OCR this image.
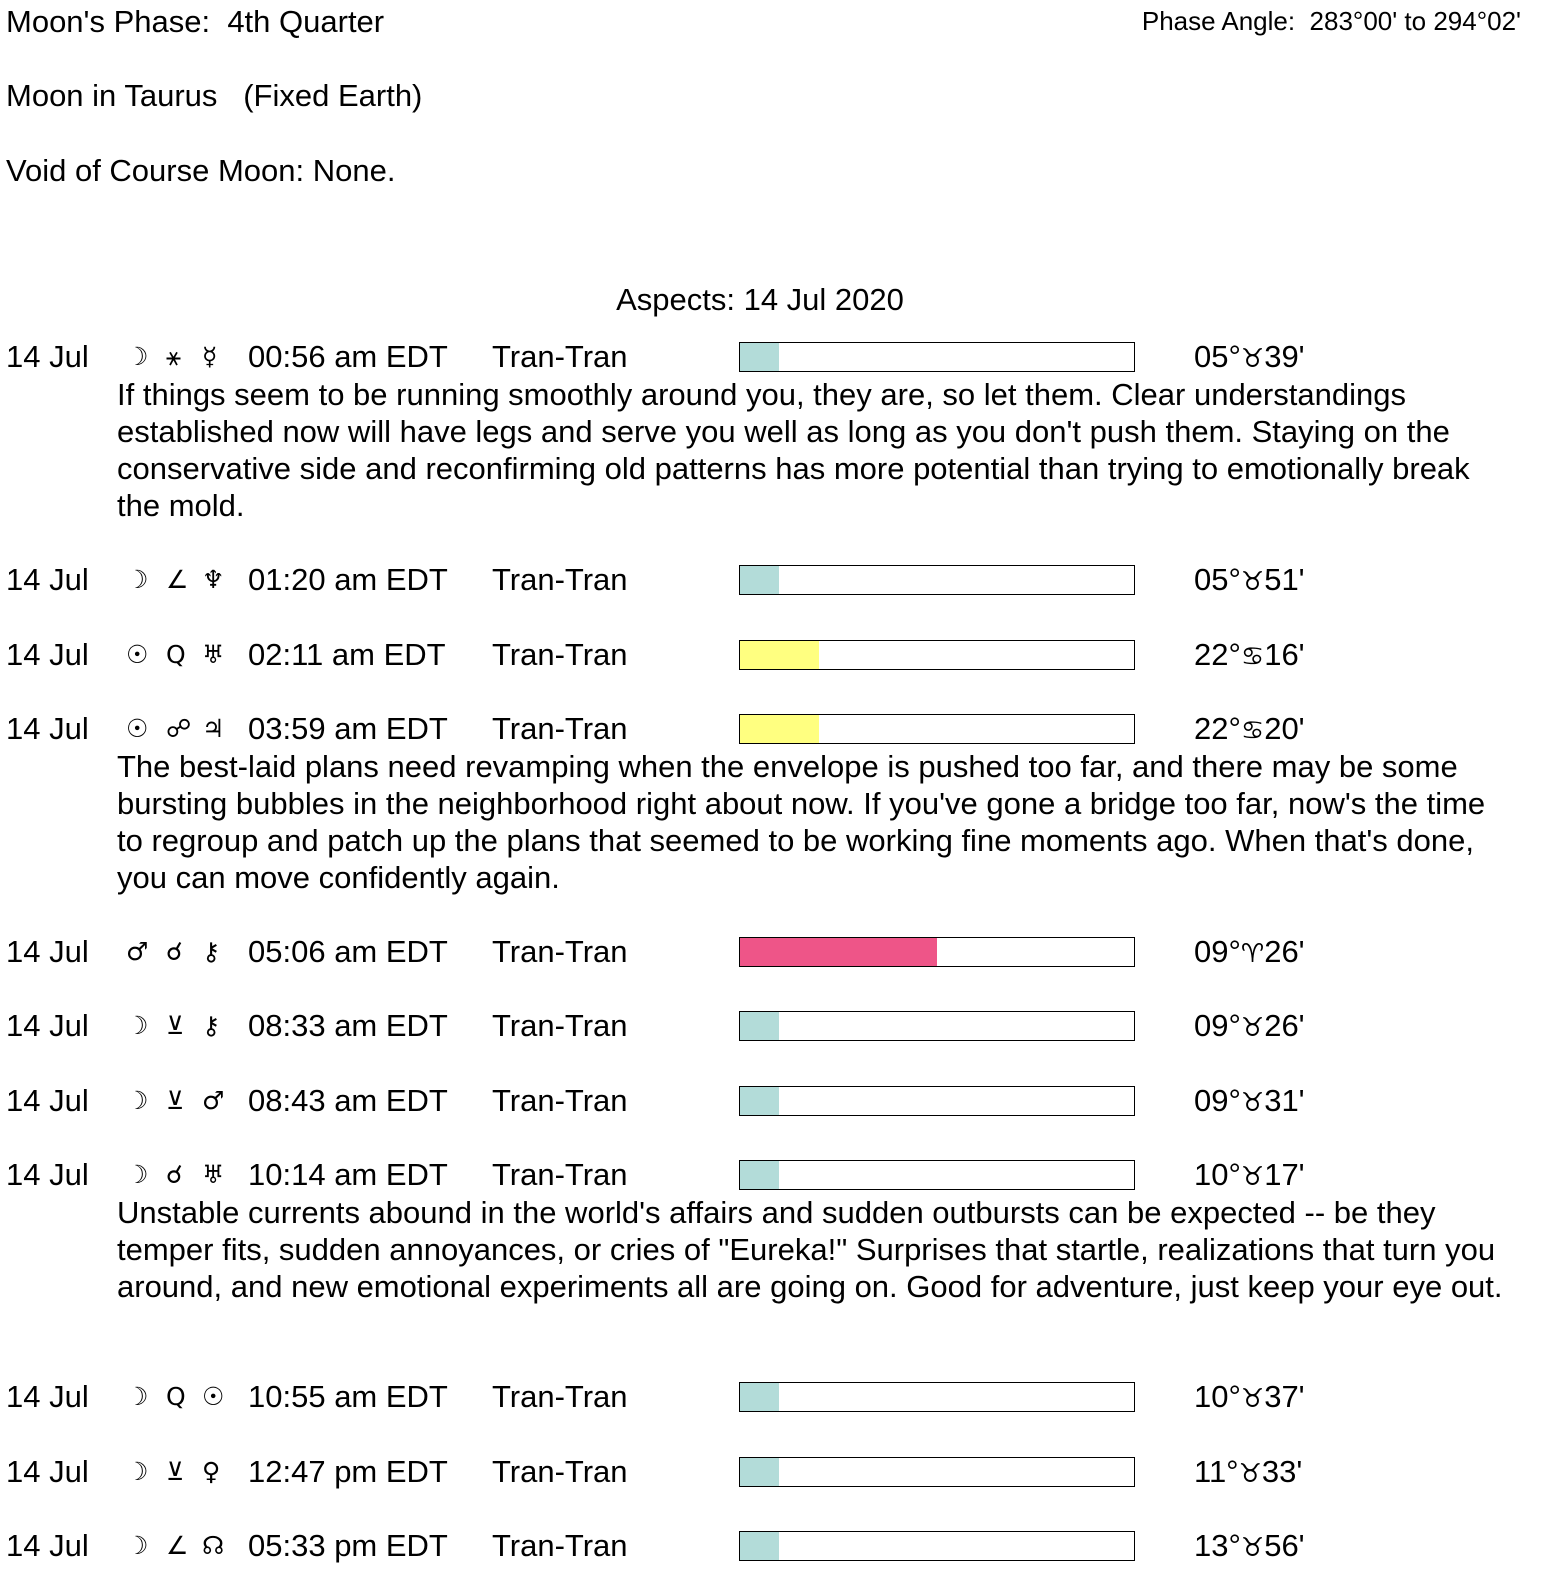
Moon's Phase:  4th Quarter	Phase Angle:  283°00' to 294°02'
Moon in Taurus   (Fixed Earth)
Void of Course Moon: None.
Aspects: 14 Jul 2020
14 Jul ☽ ⚹ ☿ 00:56 am EDT Tran-Tran	05°♉39'
If things seem to be running smoothly around you, they are, so let them. Clear understandings established now will have legs and serve you well as long as you don't push them. Staying on the conservative side and reconfirming old patterns has more potential than trying to emotionally break the mold.
14 Jul ☽ ∠ ♆ 01:20 am EDT Tran-Tran	05°♉51'
14 Jul ☉ Q ♅ 02:11 am EDT Tran-Tran	22°♋16'
14 Jul ☉ ☍ ♃ 03:59 am EDT Tran-Tran	22°♋20'
The best-laid plans need revamping when the envelope is pushed too far, and there may be some bursting bubbles in the neighborhood right about now. If you've gone a bridge too far, now's the time to regroup and patch up the plans that seemed to be working fine moments ago. When that's done, you can move confidently again.
14 Jul ♂ ☌ ⚷ 05:06 am EDT Tran-Tran	09°♈26'
14 Jul ☽ ⊻ ⚷ 08:33 am EDT Tran-Tran	09°♉26'
14 Jul ☽ ⊻ ♂ 08:43 am EDT Tran-Tran	09°♉31'
14 Jul ☽ ☌ ♅ 10:14 am EDT Tran-Tran	10°♉17'
Unstable currents abound in the world's affairs and sudden outbursts can be expected -- be they temper fits, sudden annoyances, or cries of "Eureka!" Surprises that startle, realizations that turn you around, and new emotional experiments all are going on. Good for adventure, just keep your eye out.
14 Jul ☽ Q ☉ 10:55 am EDT Tran-Tran	10°♉37'
14 Jul ☽ ⊻ ♀ 12:47 pm EDT Tran-Tran	11°♉33'
14 Jul ☽ ∠ ☊ 05:33 pm EDT Tran-Tran	13°♉56'
